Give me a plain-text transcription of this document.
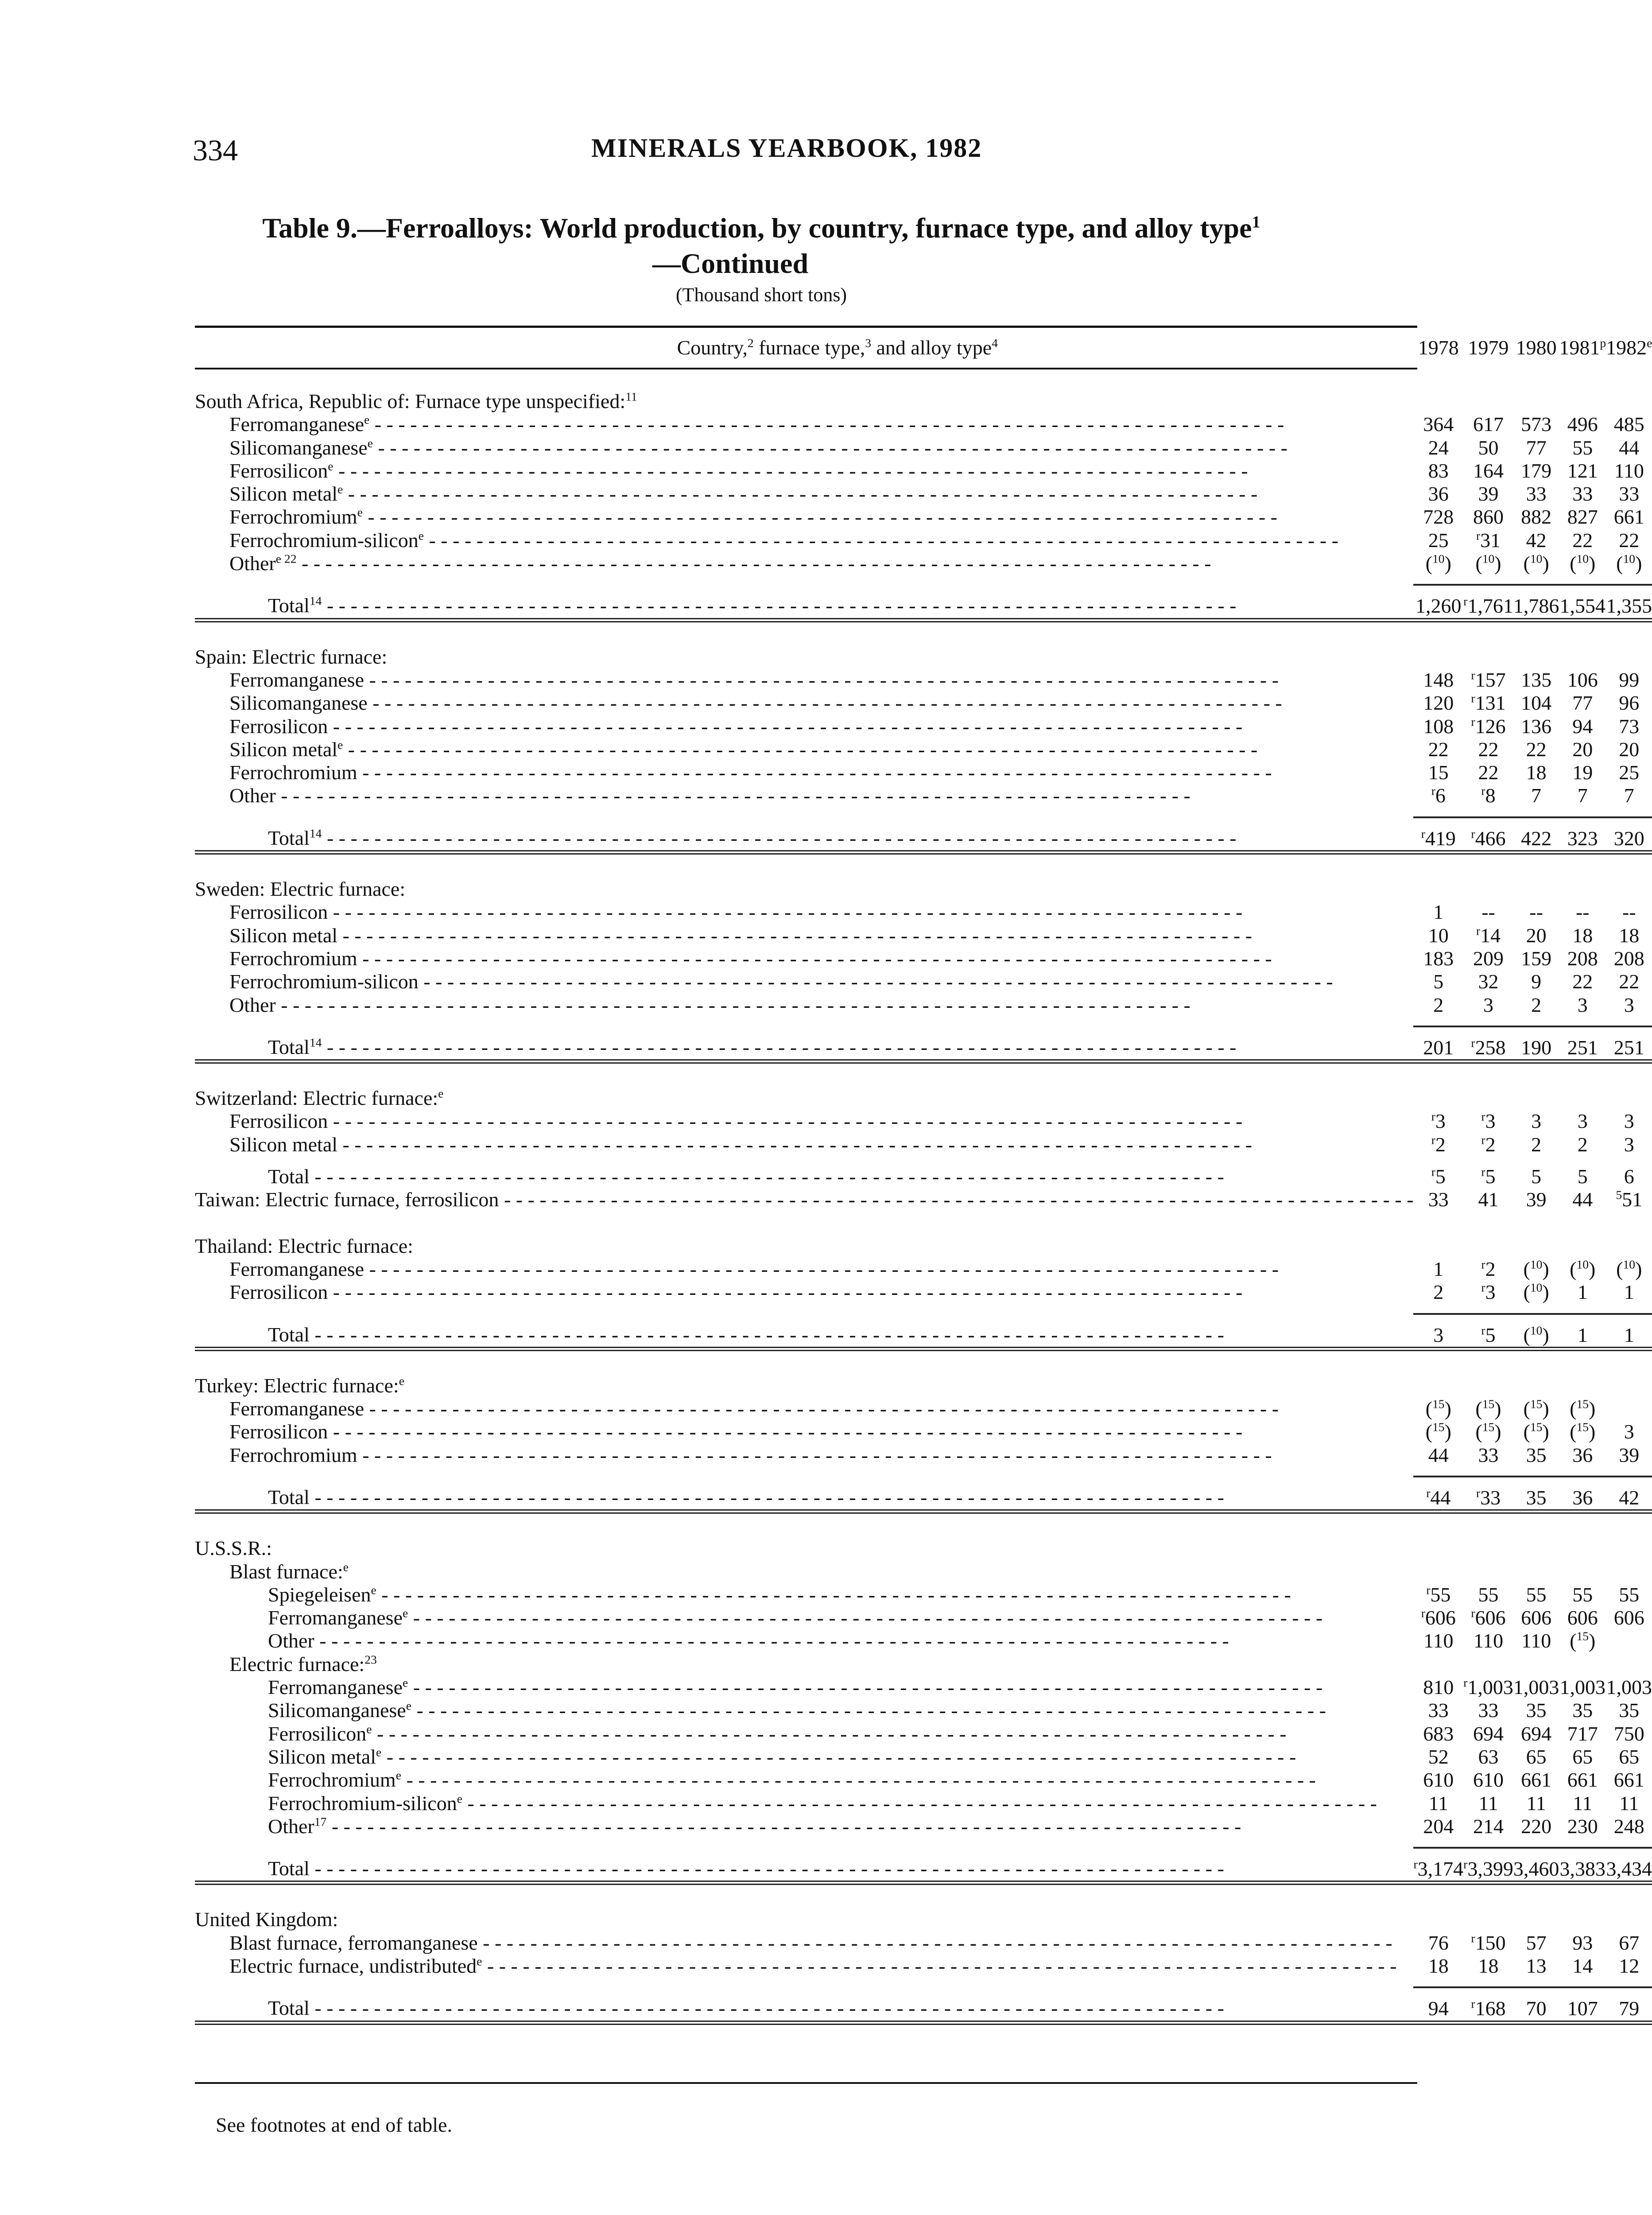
334	MINERALS YEARBOOK, 1982
Table 9.—Ferroalloys: World production, by country, furnace type, and alloy type$^1$
—Continued
(Thousand short tons)
Country,$^2$ furnace type,$^3$ and alloy type$^4$	1978	1979	1980	1981$^p$	1982e

South Africa, Republic of: Furnace type unspecified:$^{11}$					
Ferromanganese$^e$ - - -	364	617	573	496	485
Silicomanganese$^e$ - - -	24	50	77	55	44
Ferrosilicon$^e$ - - -	83	164	179	121	110
Silicon metal$^e$ - - -	36	39	33	33	33
Ferrochromium$^e$ - - -	728	860	882	827	661
Ferrochromium-silicon$^e$ - - -	25	$^r$31	42	22	22
Other$^{e 22}$ - - -	($^{10}$)	($^{10}$)	($^{10}$)	($^{10}$)	($^{10}$)

Total$^{14}$ - - -	1,260	$^r$1,761	1,786	1,554	1,355

Spain: Electric furnace:					
Ferromanganese - - -	148	$^r$157	135	106	99
Silicomanganese - - -	120	$^r$131	104	77	96
Ferrosilicon - - -	108	$^r$126	136	94	73
Silicon metal$^e$ - - -	22	22	22	20	20
Ferrochromium - - -	15	22	18	19	25
Other - - -	$^r$6	$^r$8	7	7	7

Total$^{14}$ - - -	$^r$419	$^r$466	422	323	320

Sweden: Electric furnace:					
Ferrosilicon - - -	1	--	--	--	--
Silicon metal - - -	10	$^r$14	20	18	18
Ferrochromium - - -	183	209	159	208	208
Ferrochromium-silicon - - -	5	32	9	22	22
Other - - -	2	3	2	3	3

Total$^{14}$ - - -	201	$^r$258	190	251	251

Switzerland: Electric furnace:$^e$					
Ferrosilicon - - -	$^r$3	$^r$3	3	3	3
Silicon metal - - -	$^r$2	$^r$2	2	2	3

Total - - -	$^r$5	$^r$5	5	5	6
Taiwan: Electric furnace, ferrosilicon - - -	33	41	39	44	$^5$51

Thailand: Electric furnace:					
Ferromanganese - - -	1	$^r$2	($^{10}$)	($^{10}$)	($^{10}$)
Ferrosilicon - - -	2	$^r$3	($^{10}$)	1	1

Total - - -	3	$^r$5	($^{10}$)	1	1

Turkey: Electric furnace:$^e$					
Ferromanganese - - -	($^{15}$)	($^{15}$)	($^{15}$)	($^{15}$)	
Ferrosilicon - - -	($^{15}$)	($^{15}$)	($^{15}$)	($^{15}$)	3
Ferrochromium - - -	44	33	35	36	39

Total - - -	$^r$44	$^r$33	35	36	42

U.S.S.R.:					
Blast furnace:$^e$					
Spiegeleisen$^e$ - - -	$^r$55	55	55	55	55
Ferromanganese$^e$ - - -	$^r$606	$^r$606	606	606	606
Other - - -	110	110	110	($^{15}$)	
Electric furnace:$^{23}$					
Ferromanganese$^e$ - - -	810	$^r$1,003	1,003	1,003	1,003
Silicomanganese$^e$ - - -	33	33	35	35	35
Ferrosilicon$^e$ - - -	683	694	694	717	750
Silicon metal$^e$ - - -	52	63	65	65	65
Ferrochromium$^e$ - - -	610	610	661	661	661
Ferrochromium-silicon$^e$ - - -	11	11	11	11	11
Other$^{17}$ - - -	204	214	220	230	248

Total - - -	$^r$3,174	$^r$3,399	3,460	3,383	3,434

United Kingdom:					
Blast furnace, ferromanganese - - -	76	$^r$150	57	93	67
Electric furnace, undistributed$^e$ - - -	18	18	13	14	12

Total - - -	94	$^r$168	70	107	79

See footnotes at end of table.
